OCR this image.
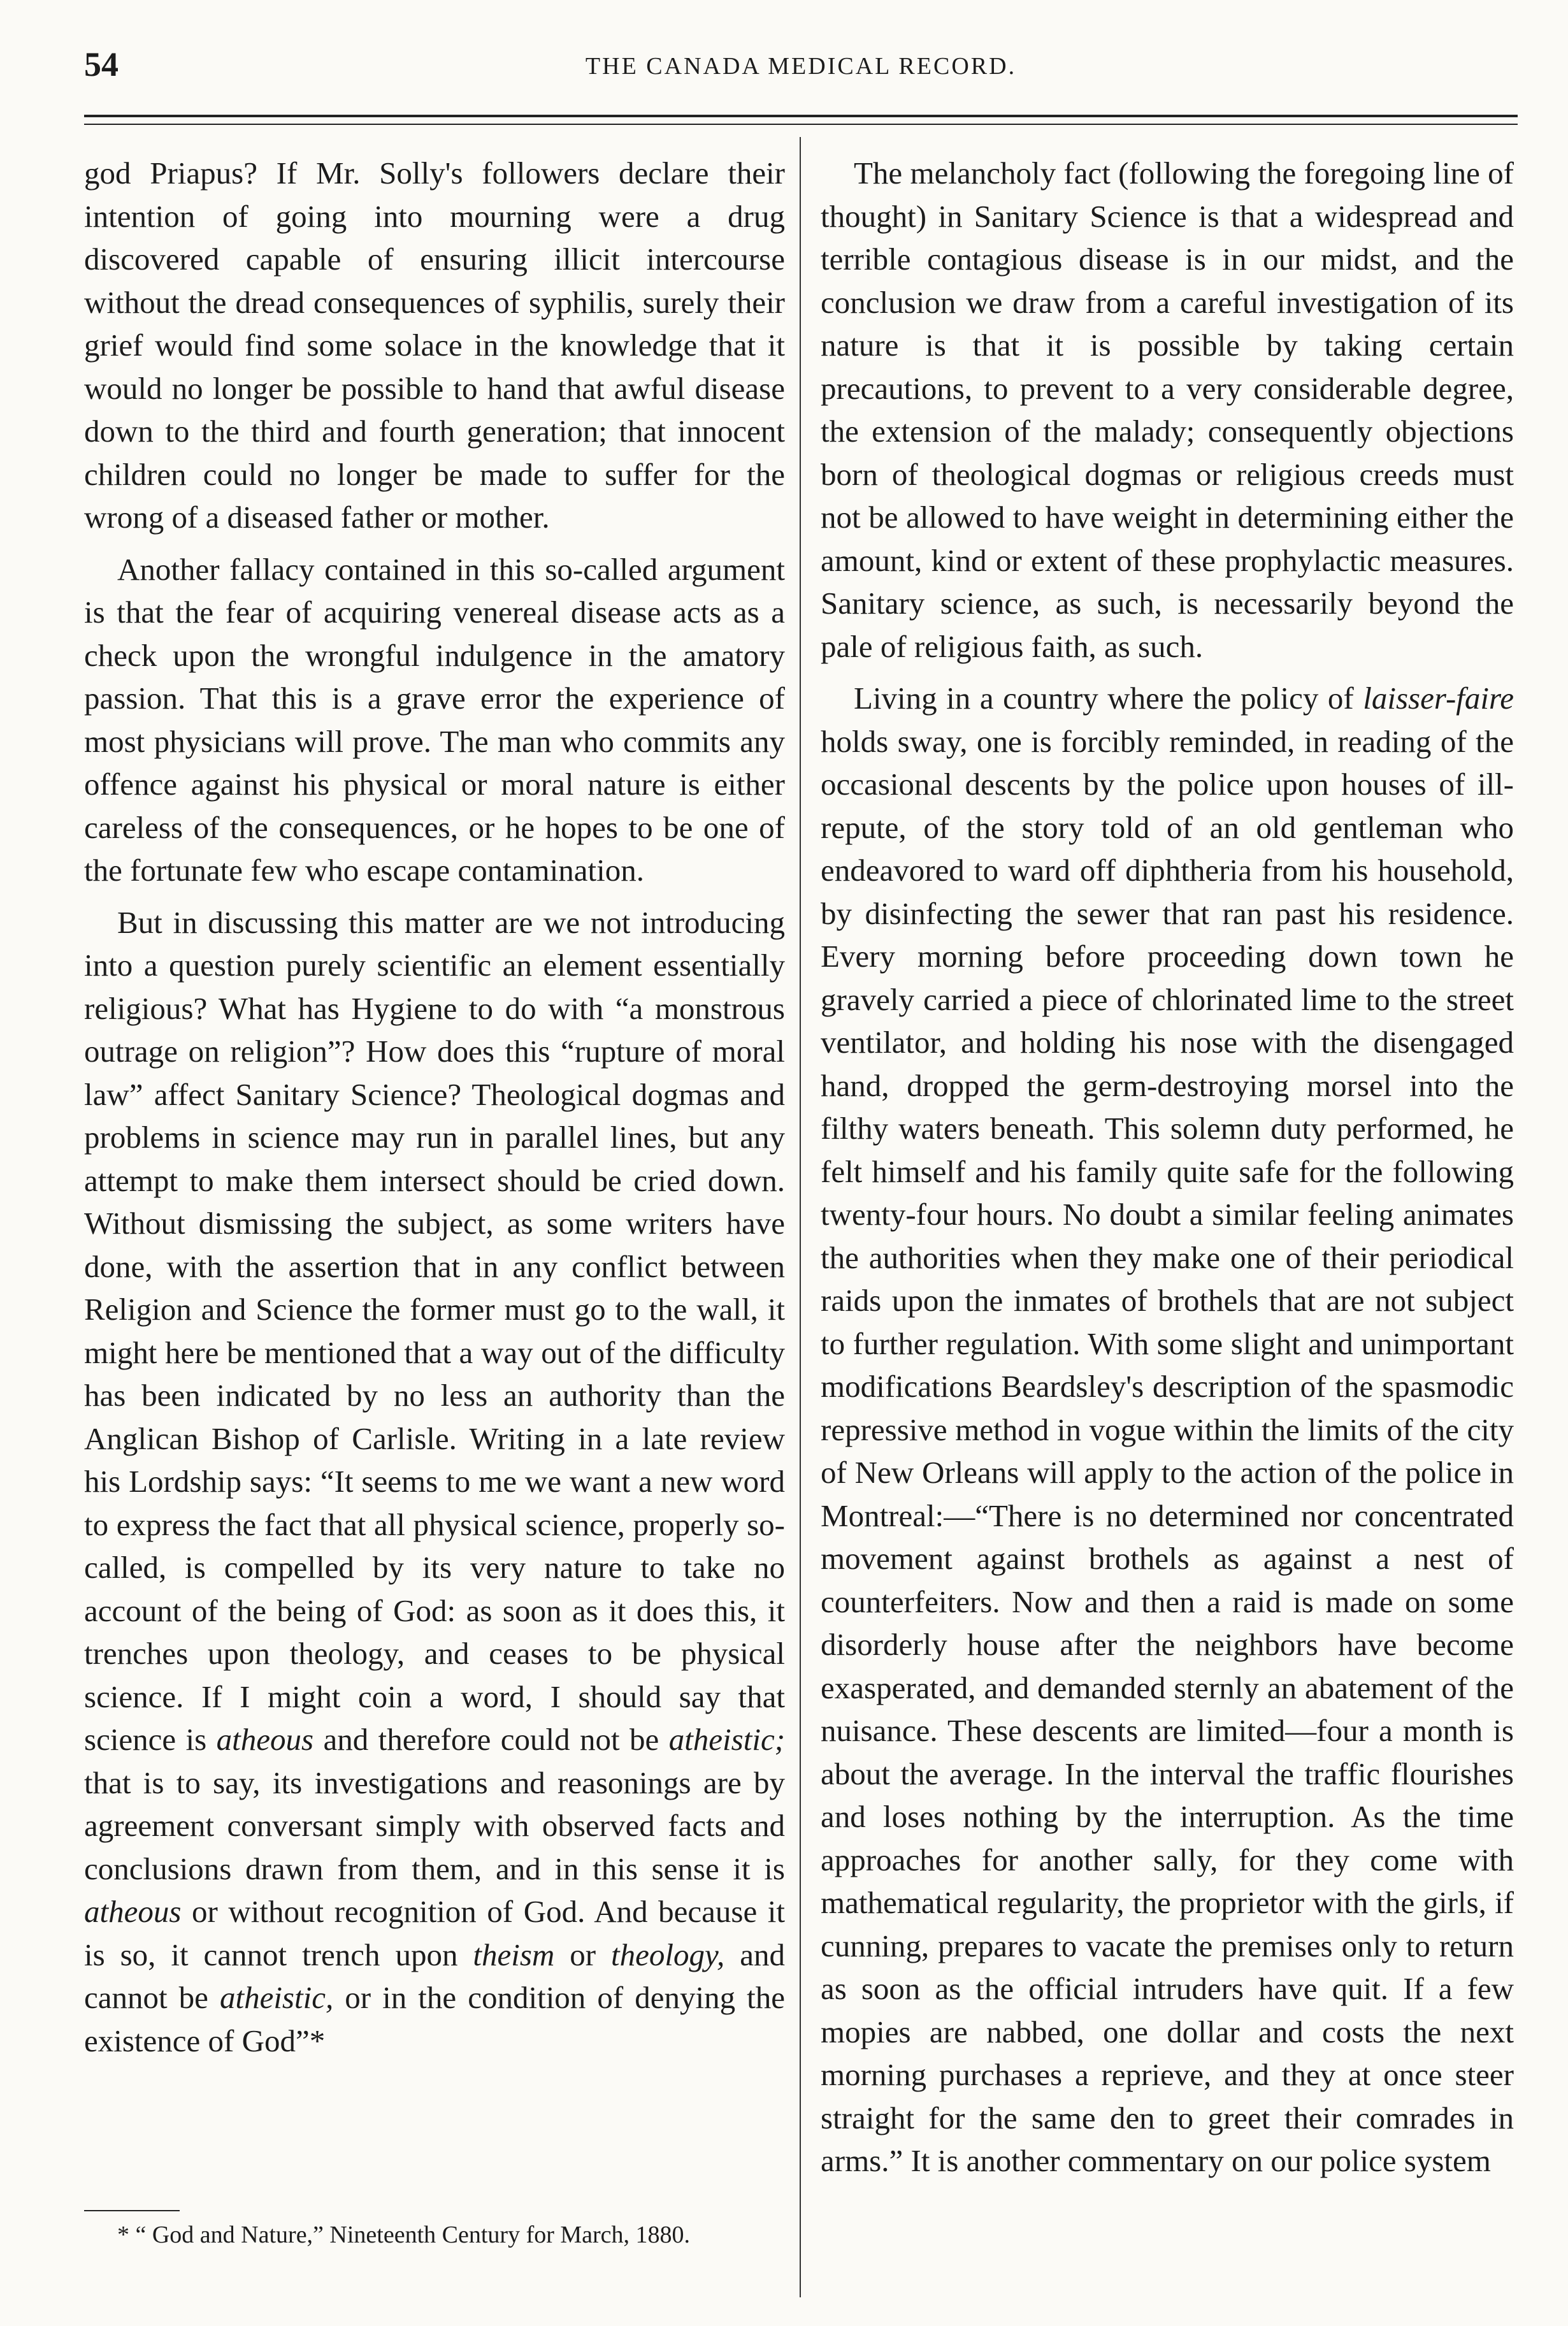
54	THE CANADA MEDICAL RECORD.

god Priapus? If Mr. Solly's followers declare their intention of going into mourning were a drug discovered capable of ensuring illicit intercourse without the dread consequences of syphilis, surely their grief would find some solace in the knowledge that it would no longer be possible to hand that awful disease down to the third and fourth generation; that innocent children could no longer be made to suffer for the wrong of a diseased father or mother.

Another fallacy contained in this so-called argument is that the fear of acquiring venereal disease acts as a check upon the wrongful indulgence in the amatory passion. That this is a grave error the experience of most physicians will prove. The man who commits any offence against his physical or moral nature is either careless of the consequences, or he hopes to be one of the fortunate few who escape contamination.

But in discussing this matter are we not introducing into a question purely scientific an element essentially religious? What has Hygiene to do with “a monstrous outrage on religion”? How does this “rupture of moral law” affect Sanitary Science? Theological dogmas and problems in science may run in parallel lines, but any attempt to make them intersect should be cried down. Without dismissing the subject, as some writers have done, with the assertion that in any conflict between Religion and Science the former must go to the wall, it might here be mentioned that a way out of the difficulty has been indicated by no less an authority than the Anglican Bishop of Carlisle. Writing in a late review his Lordship says: “It seems to me we want a new word to express the fact that all physical science, properly so-called, is compelled by its very nature to take no account of the being of God: as soon as it does this, it trenches upon theology, and ceases to be physical science. If I might coin a word, I should say that science is atheous and therefore could not be atheistic; that is to say, its investigations and reasonings are by agreement conversant simply with observed facts and conclusions drawn from them, and in this sense it is atheous or without recognition of God. And because it is so, it cannot trench upon theism or theology, and cannot be atheistic, or in the condition of denying the existence of God”*

* “ God and Nature,” Nineteenth Century for March, 1880.

The melancholy fact (following the foregoing line of thought) in Sanitary Science is that a widespread and terrible contagious disease is in our midst, and the conclusion we draw from a careful investigation of its nature is that it is possible by taking certain precautions, to prevent to a very considerable degree, the extension of the malady; consequently objections born of theological dogmas or religious creeds must not be allowed to have weight in determining either the amount, kind or extent of these prophylactic measures. Sanitary science, as such, is necessarily beyond the pale of religious faith, as such.

Living in a country where the policy of laisser-faire holds sway, one is forcibly reminded, in reading of the occasional descents by the police upon houses of ill-repute, of the story told of an old gentleman who endeavored to ward off diphtheria from his household, by disinfecting the sewer that ran past his residence. Every morning before proceeding down town he gravely carried a piece of chlorinated lime to the street ventilator, and holding his nose with the disengaged hand, dropped the germ-destroying morsel into the filthy waters beneath. This solemn duty performed, he felt himself and his family quite safe for the following twenty-four hours. No doubt a similar feeling animates the authorities when they make one of their periodical raids upon the inmates of brothels that are not subject to further regulation. With some slight and unimportant modifications Beardsley's description of the spasmodic repressive method in vogue within the limits of the city of New Orleans will apply to the action of the police in Montreal:—“There is no determined nor concentrated movement against brothels as against a nest of counterfeiters. Now and then a raid is made on some disorderly house after the neighbors have become exasperated, and demanded sternly an abatement of the nuisance. These descents are limited—four a month is about the average. In the interval the traffic flourishes and loses nothing by the interruption. As the time approaches for another sally, for they come with mathematical regularity, the proprietor with the girls, if cunning, prepares to vacate the premises only to return as soon as the official intruders have quit. If a few mopies are nabbed, one dollar and costs the next morning purchases a reprieve, and they at once steer straight for the same den to greet their comrades in arms.” It is another commentary on our police system
